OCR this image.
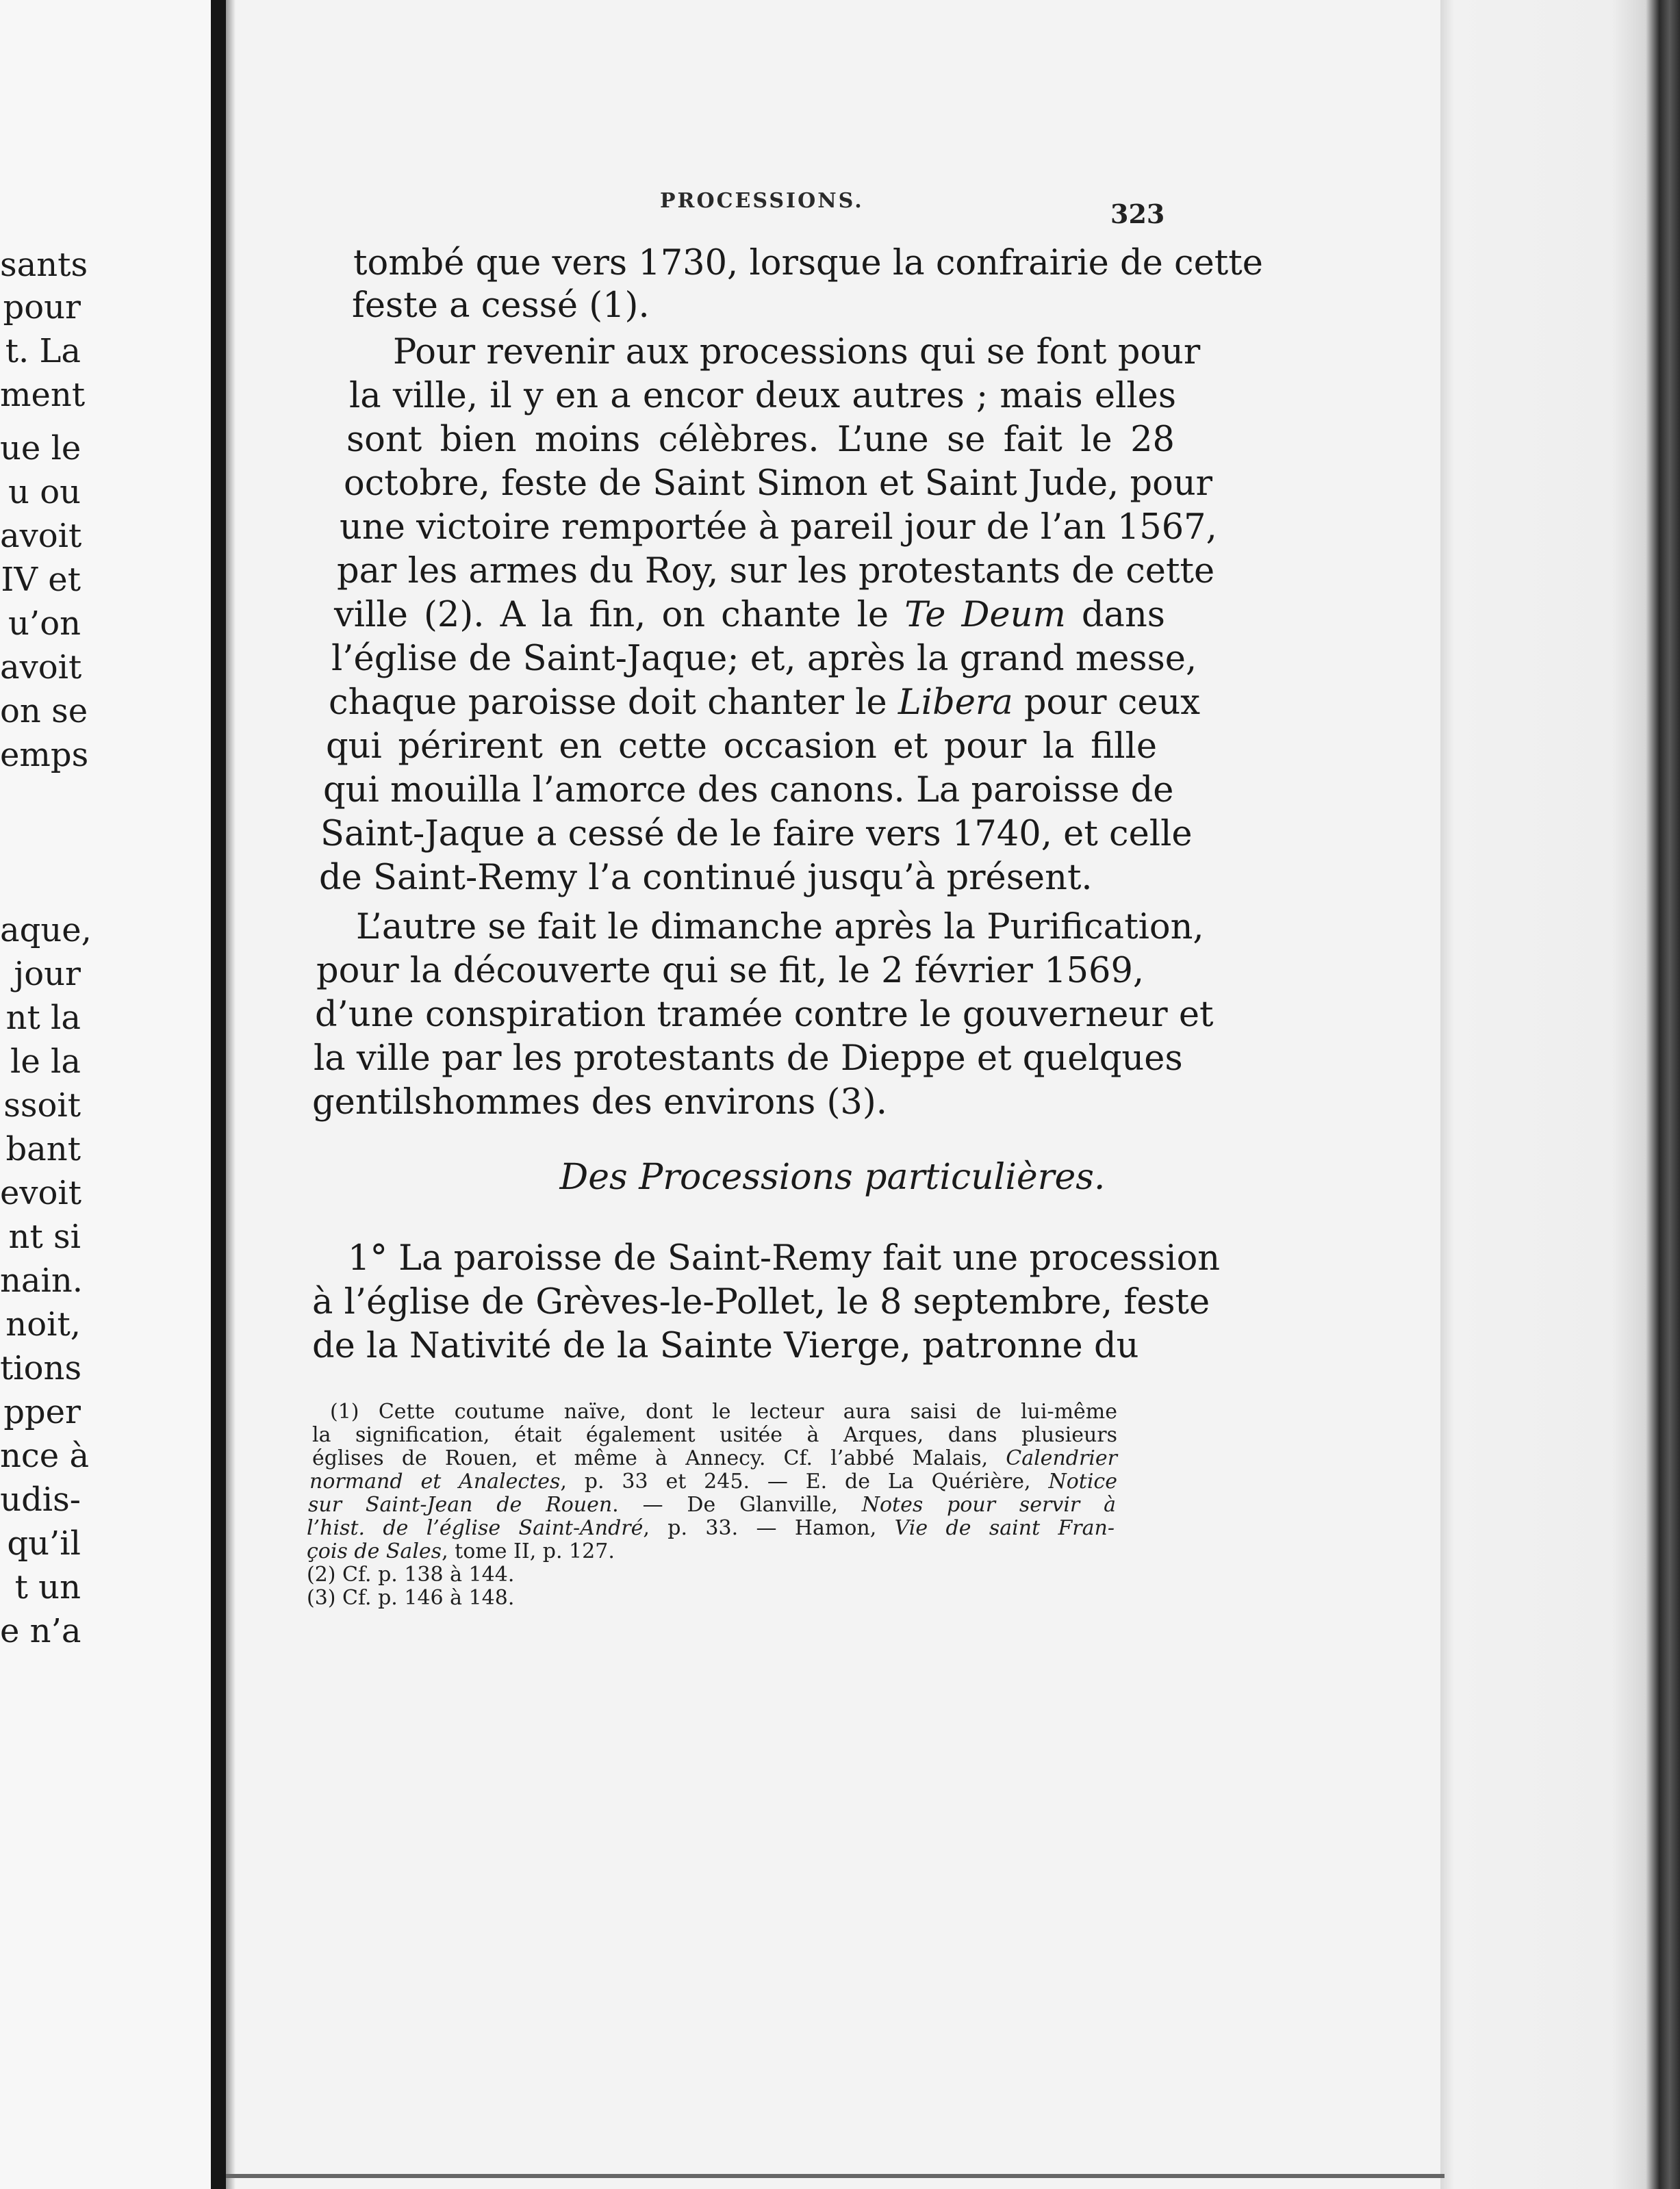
sants
pour
t. La
ment
ue le
u ou
avoit
IV et
u’on
avoit
on se
emps
aque,
jour
nt la
le la
ssoit
bant
evoit
nt si
nain.
noit,
tions
pper
nce à
udis-
qu’il
t un
e n’a
PROCESSIONS.	323
tombé que vers 1730, lorsque la confrairie de cette
feste a cessé (1).
Pour revenir aux processions qui se font pour
la ville, il y en a encor deux autres ; mais elles
sont bien moins célèbres. L’une se fait le 28
octobre, feste de Saint Simon et Saint Jude, pour
une victoire remportée à pareil jour de l’an 1567,
par les armes du Roy, sur les protestants de cette
ville (2). A la fin, on chante le Te Deum dans
l’église de Saint-Jaque; et, après la grand messe,
chaque paroisse doit chanter le Libera pour ceux
qui périrent en cette occasion et pour la fille
qui mouilla l’amorce des canons. La paroisse de
Saint-Jaque a cessé de le faire vers 1740, et celle
de Saint-Remy l’a continué jusqu’à présent.
L’autre se fait le dimanche après la Purification,
pour la découverte qui se fit, le 2 février 1569,
d’une conspiration tramée contre le gouverneur et
la ville par les protestants de Dieppe et quelques
gentilshommes des environs (3).
Des Processions particulières.
1° La paroisse de Saint-Remy fait une procession
à l’église de Grèves-le-Pollet, le 8 septembre, feste
de la Nativité de la Sainte Vierge, patronne du
(1) Cette coutume naïve, dont le lecteur aura saisi de lui-même
la signification, était également usitée à Arques, dans plusieurs
églises de Rouen, et même à Annecy. Cf. l’abbé Malais, Calendrier
normand et Analectes, p. 33 et 245. — E. de La Quérière, Notice
sur Saint-Jean de Rouen. — De Glanville, Notes pour servir à
l’hist. de l’église Saint-André, p. 33. — Hamon, Vie de saint Fran-
çois de Sales, tome II, p. 127.
(2) Cf. p. 138 à 144.
(3) Cf. p. 146 à 148.
